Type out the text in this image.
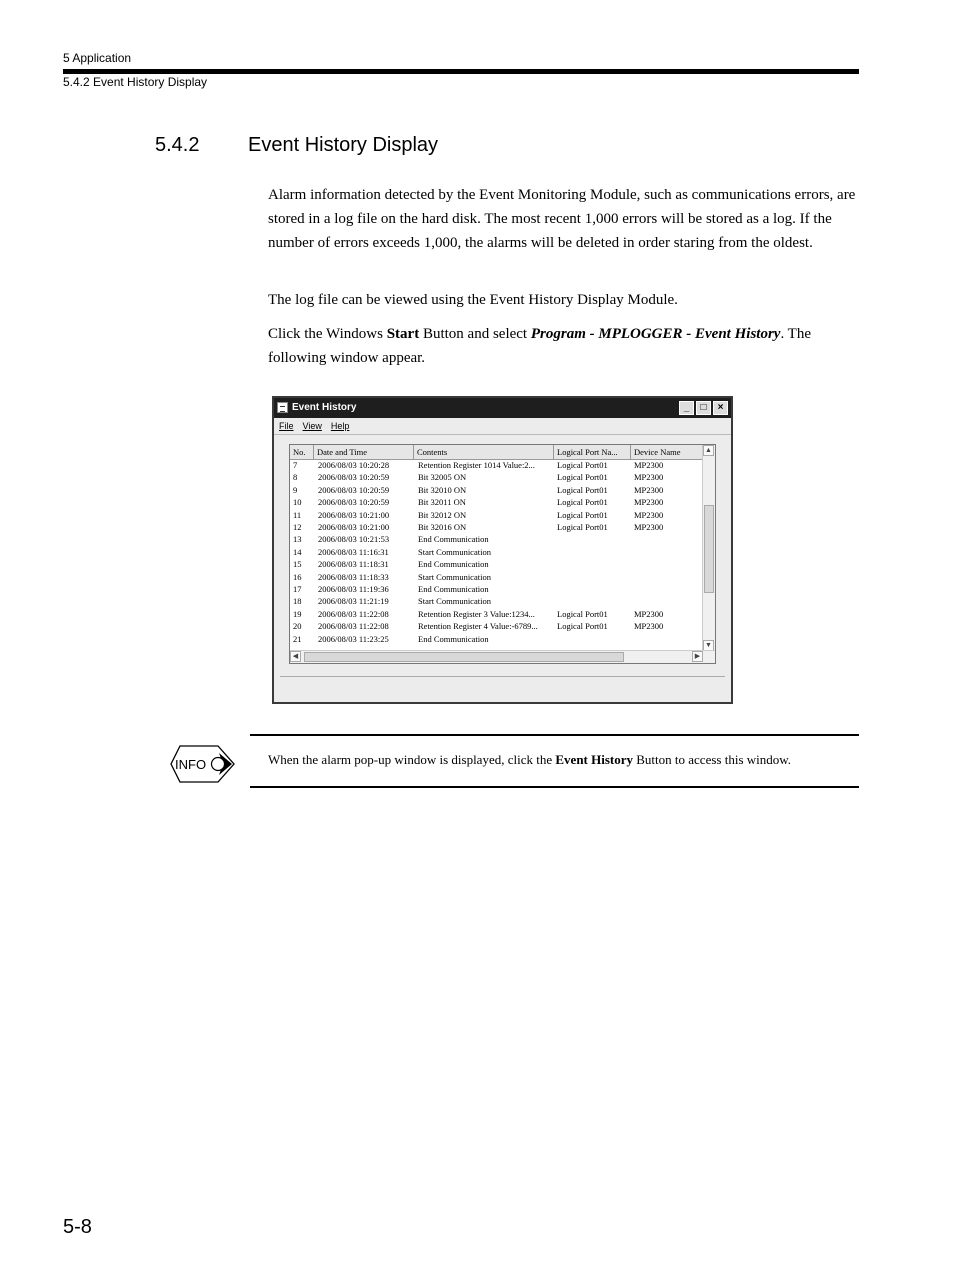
5 Application
5.4.2 Event History Display
5.4.2 Event History Display

Alarm information detected by the Event Monitoring Module, such as communications errors, are stored in a log file on the hard disk. The most recent 1,000 errors will be stored as a log. If the number of errors exceeds 1,000, the alarms will be deleted in order staring from the oldest.

The log file can be viewed using the Event History Display Module.

Click the Windows Start Button and select Program - MPLOGGER - Event History. The following window appear.

Event History	_	□	×
File View Help
No.	Date and Time	Contents	Logical Port Na...	Device Name
7 2006/08/03 10:20:28	Retention Register 1014 Value:2...	Logical Port01	MP2300
8 2006/08/03 10:20:59	Bit 32005 ON	Logical Port01	MP2300
9 2006/08/03 10:20:59	Bit 32010 ON	Logical Port01	MP2300
10 2006/08/03 10:20:59	Bit 32011 ON	Logical Port01	MP2300
11 2006/08/03 10:21:00	Bit 32012 ON	Logical Port01	MP2300
12 2006/08/03 10:21:00	Bit 32016 ON	Logical Port01	MP2300
13 2006/08/03 10:21:53	End Communication
14 2006/08/03 11:16:31	Start Communication
15 2006/08/03 11:18:31	End Communication
16 2006/08/03 11:18:33	Start Communication
17 2006/08/03 11:19:36	End Communication
18 2006/08/03 11:21:19	Start Communication
19 2006/08/03 11:22:08	Retention Register 3 Value:1234...	Logical Port01	MP2300
20 2006/08/03 11:22:08	Retention Register 4 Value:-6789... Logical Port01	MP2300
21 2006/08/03 11:23:25	End Communication
▲
▼
◀	▶
INFO	When the alarm pop-up window is displayed, click the Event History Button to access this window.
5-8
